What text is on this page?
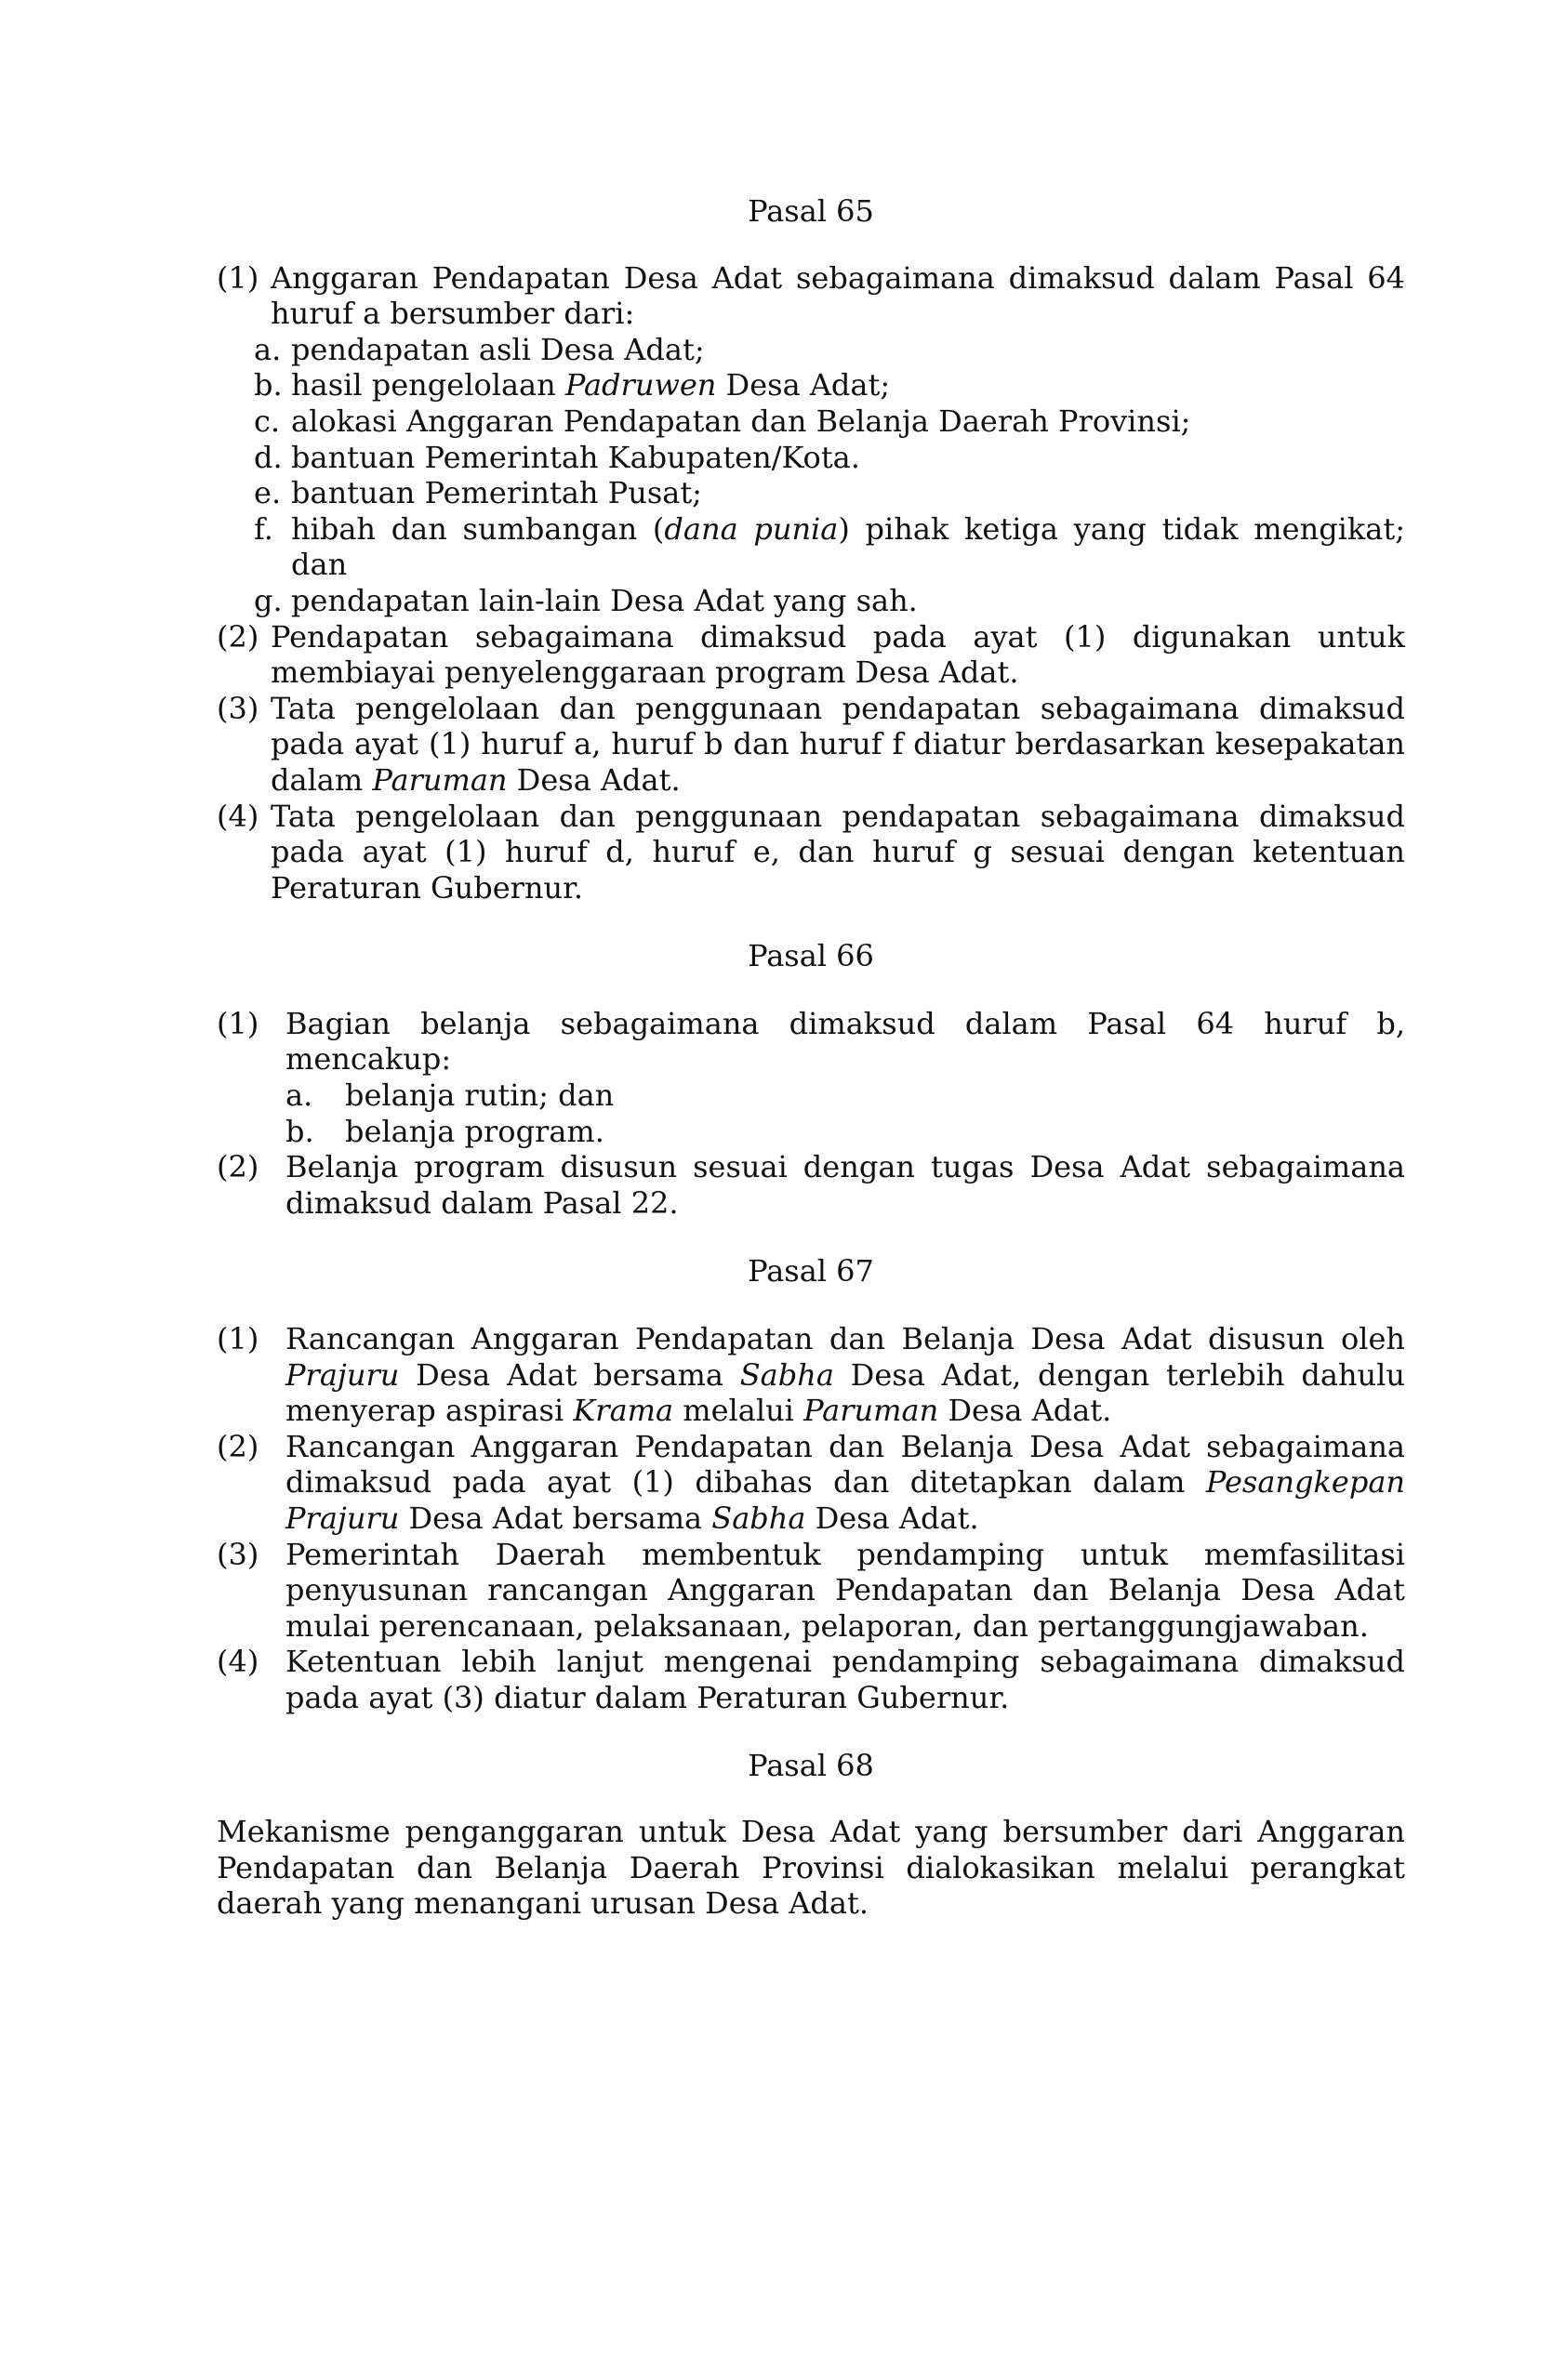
Pasal 65
(1) Anggaran Pendapatan Desa Adat sebagaimana dimaksud dalam Pasal 64 huruf a bersumber dari:
a. pendapatan asli Desa Adat;
b. hasil pengelolaan Padruwen Desa Adat;
c. alokasi Anggaran Pendapatan dan Belanja Daerah Provinsi;
d. bantuan Pemerintah Kabupaten/Kota.
e. bantuan Pemerintah Pusat;
f. hibah dan sumbangan (dana punia) pihak ketiga yang tidak mengikat; dan
g. pendapatan lain-lain Desa Adat yang sah.
(2) Pendapatan sebagaimana dimaksud pada ayat (1) digunakan untuk membiayai penyelenggaraan program Desa Adat.
(3) Tata pengelolaan dan penggunaan pendapatan sebagaimana dimaksud pada ayat (1) huruf a, huruf b dan huruf f diatur berdasarkan kesepakatan dalam Paruman Desa Adat.
(4) Tata pengelolaan dan penggunaan pendapatan sebagaimana dimaksud pada ayat (1) huruf d, huruf e, dan huruf g sesuai dengan ketentuan Peraturan Gubernur.
Pasal 66
(1) Bagian belanja sebagaimana dimaksud dalam Pasal 64 huruf b, mencakup:
a.	belanja rutin; dan
b.	belanja program.
(2) Belanja program disusun sesuai dengan tugas Desa Adat sebagaimana dimaksud dalam Pasal 22.
Pasal 67
(1) Rancangan Anggaran Pendapatan dan Belanja Desa Adat disusun oleh Prajuru Desa Adat bersama Sabha Desa Adat, dengan terlebih dahulu menyerap aspirasi Krama melalui Paruman Desa Adat.
(2) Rancangan Anggaran Pendapatan dan Belanja Desa Adat sebagaimana dimaksud pada ayat (1) dibahas dan ditetapkan dalam Pesangkepan Prajuru Desa Adat bersama Sabha Desa Adat.
(3) Pemerintah Daerah membentuk pendamping untuk memfasilitasi penyusunan rancangan Anggaran Pendapatan dan Belanja Desa Adat mulai perencanaan, pelaksanaan, pelaporan, dan pertanggungjawaban.
(4) Ketentuan lebih lanjut mengenai pendamping sebagaimana dimaksud pada ayat (3) diatur dalam Peraturan Gubernur.
Pasal 68

Mekanisme penganggaran untuk Desa Adat yang bersumber dari Anggaran Pendapatan dan Belanja Daerah Provinsi dialokasikan melalui perangkat daerah yang menangani urusan Desa Adat.
